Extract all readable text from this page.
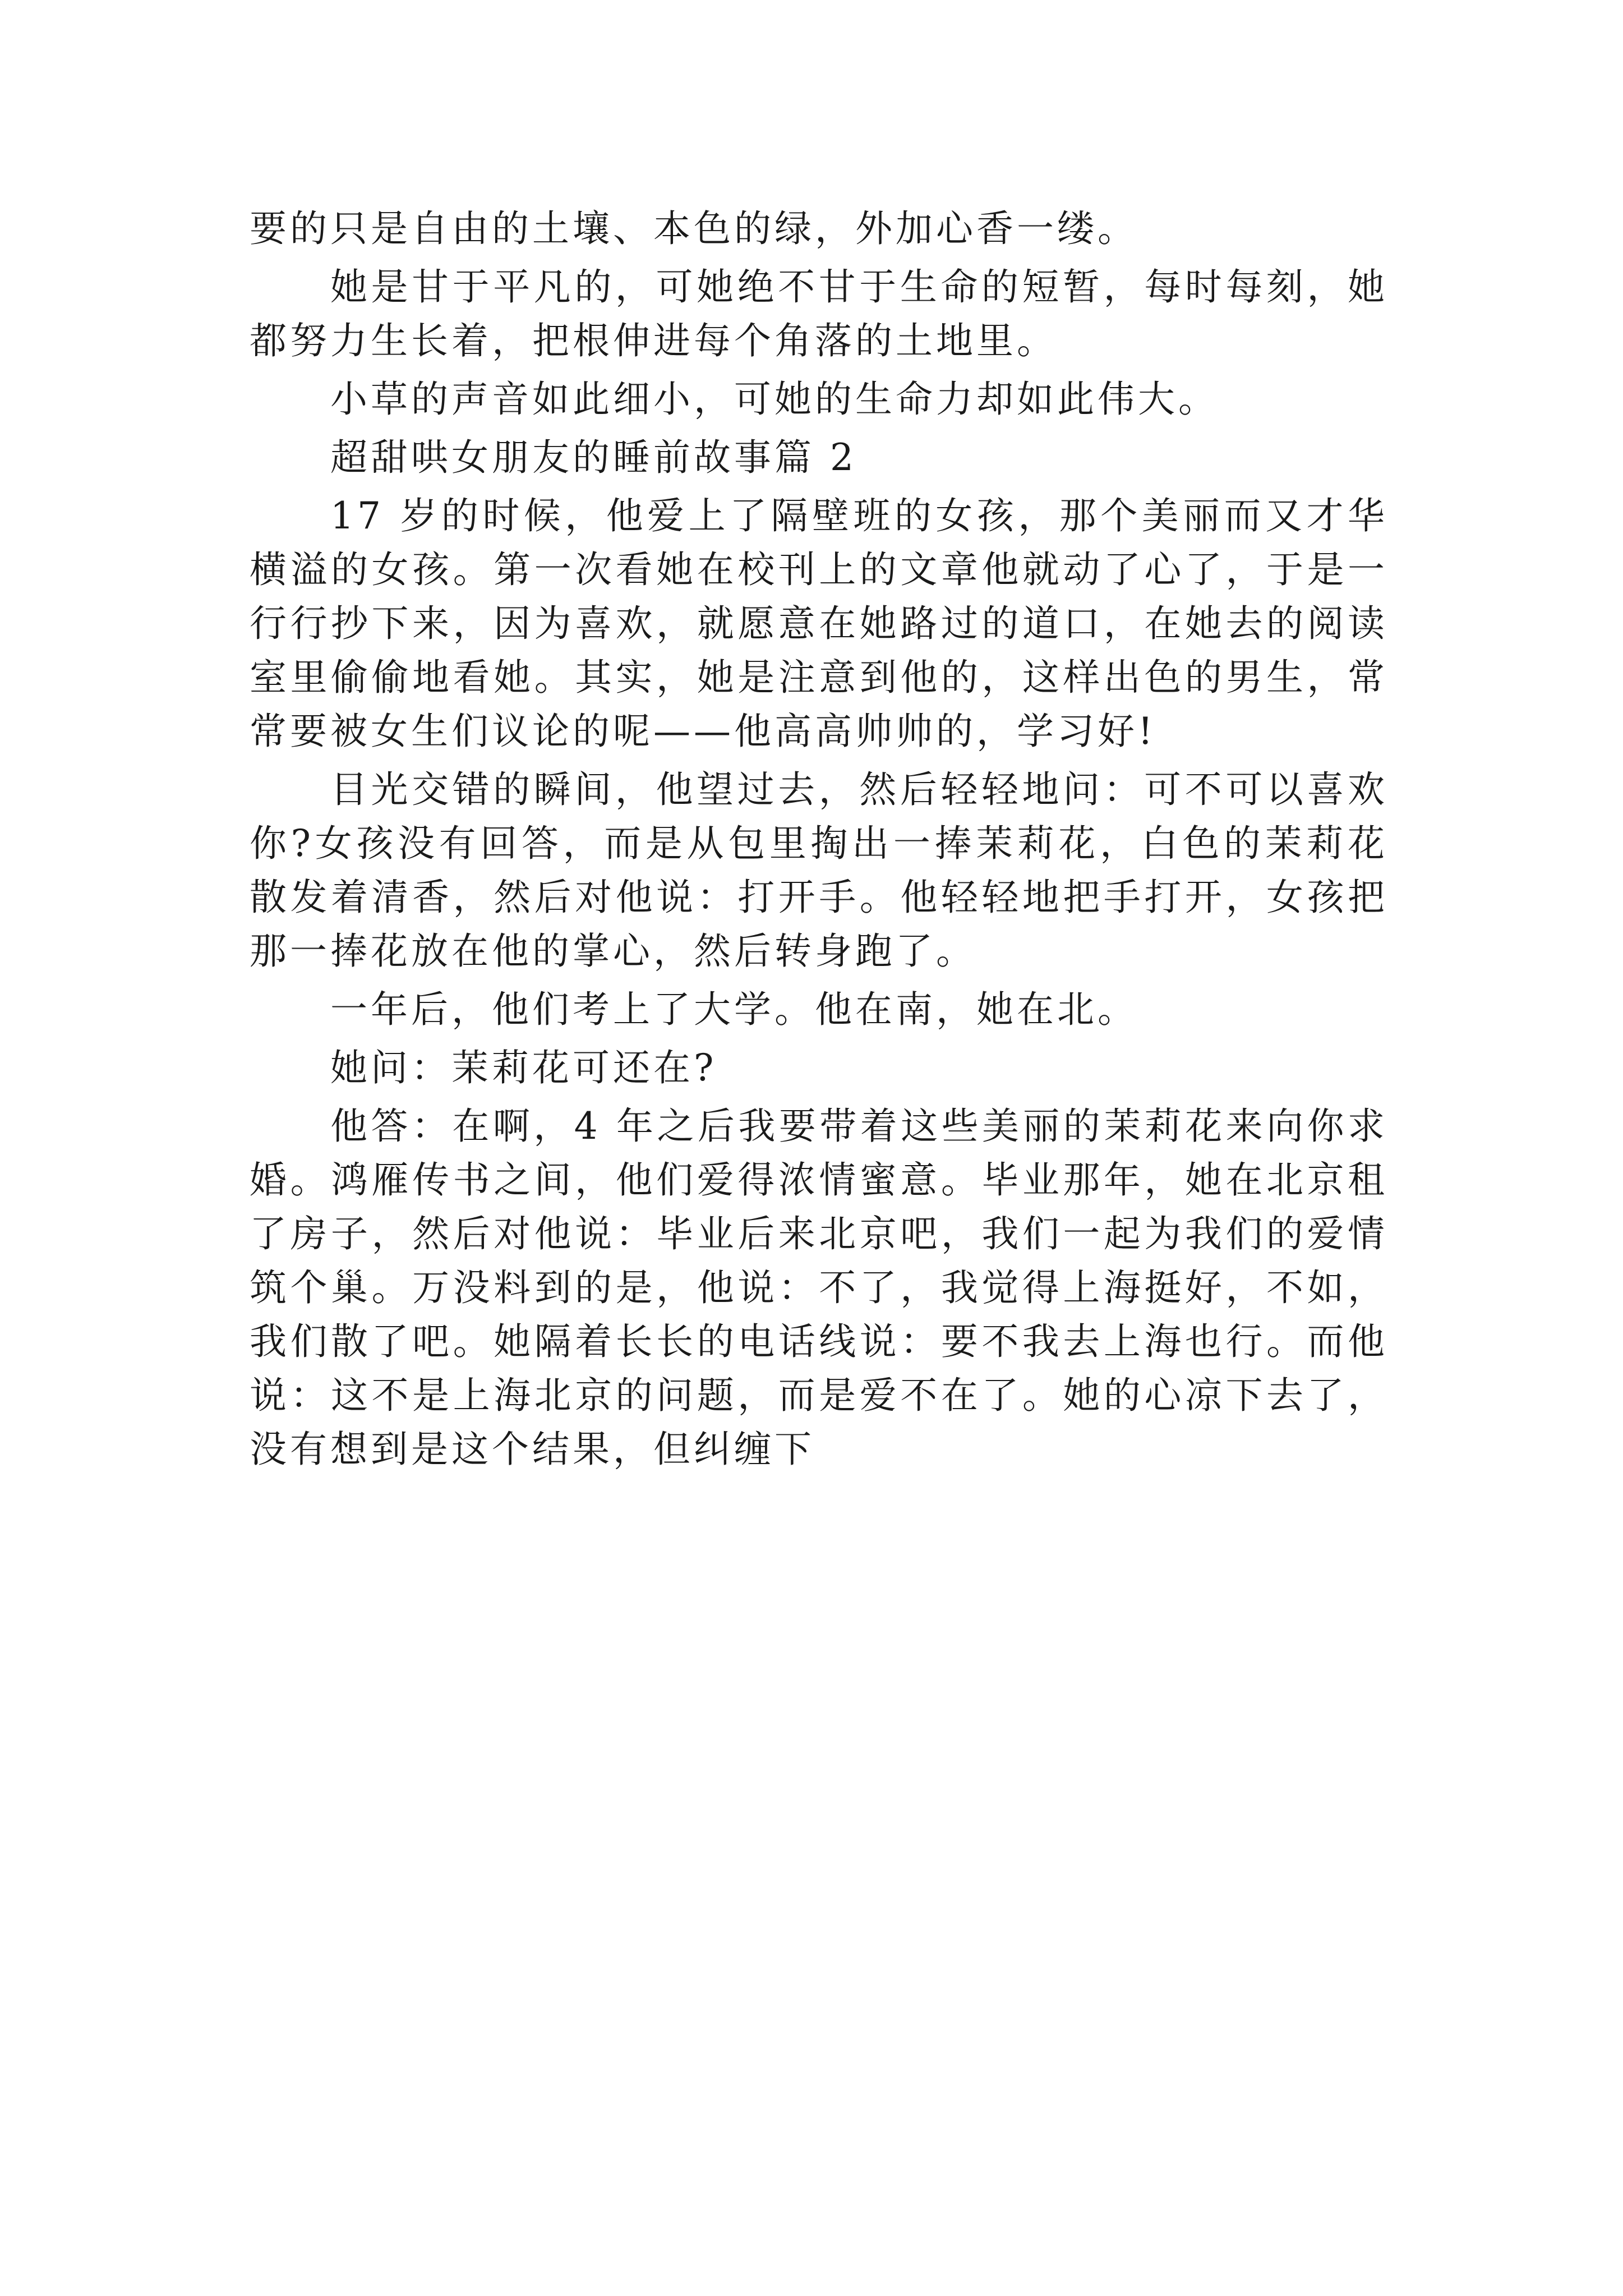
要的只是自由的土壤、本色的绿，外加心香一缕。

她是甘于平凡的，可她绝不甘于生命的短暂，每时每刻，她都努力生长着，把根伸进每个角落的土地里。

小草的声音如此细小，可她的生命力却如此伟大。

超甜哄女朋友的睡前故事篇 2

17 岁的时候，他爱上了隔壁班的女孩，那个美丽而又才华横溢的女孩。第一次看她在校刊上的文章他就动了心了，于是一行行抄下来，因为喜欢，就愿意在她路过的道口，在她去的阅读室里偷偷地看她。其实，她是注意到他的，这样出色的男生，常常要被女生们议论的呢——他高高帅帅的，学习好!

目光交错的瞬间，他望过去，然后轻轻地问：可不可以喜欢你?女孩没有回答，而是从包里掏出一捧茉莉花，白色的茉莉花散发着清香，然后对他说：打开手。他轻轻地把手打开，女孩把那一捧花放在他的掌心，然后转身跑了。

一年后，他们考上了大学。他在南，她在北。

她问：茉莉花可还在?

他答：在啊，4 年之后我要带着这些美丽的茉莉花来向你求婚。鸿雁传书之间，他们爱得浓情蜜意。毕业那年，她在北京租了房子，然后对他说：毕业后来北京吧，我们一起为我们的爱情筑个巢。万没料到的是，他说：不了，我觉得上海挺好，不如，我们散了吧。她隔着长长的电话线说：要不我去上海也行。而他说：这不是上海北京的问题，而是爱不在了。她的心凉下去了，没有想到是这个结果，但纠缠下
